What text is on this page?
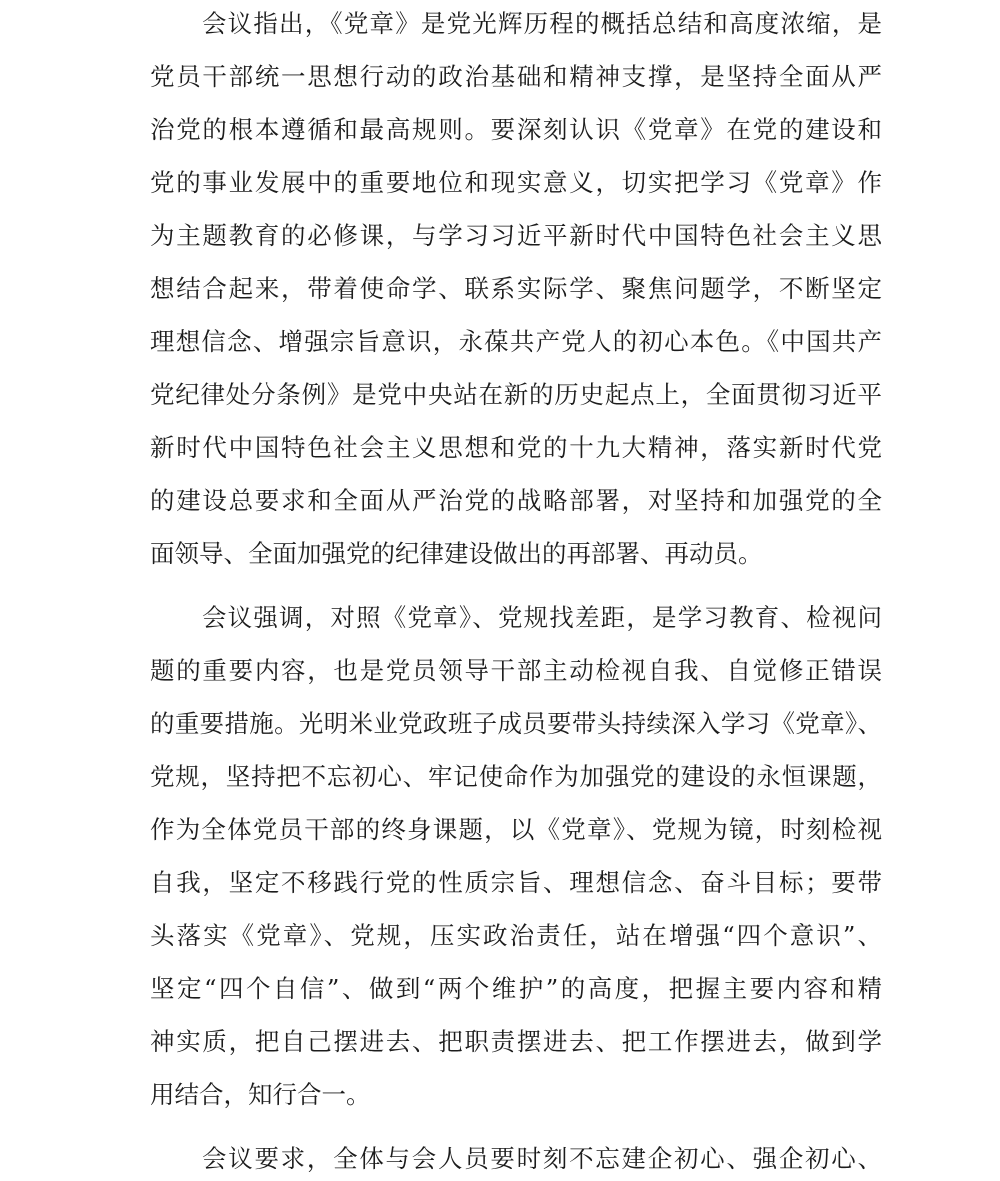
会议指出，《党章》是党光辉历程的概括总结和高度浓缩，是
党员干部统一思想行动的政治基础和精神支撑，是坚持全面从严
治党的根本遵循和最高规则。要深刻认识《党章》在党的建设和
党的事业发展中的重要地位和现实意义，切实把学习《党章》作
为主题教育的必修课，与学习习近平新时代中国特色社会主义思
想结合起来，带着使命学、联系实际学、聚焦问题学，不断坚定
理想信念、增强宗旨意识，永葆共产党人的初心本色。《中国共产
党纪律处分条例》是党中央站在新的历史起点上，全面贯彻习近平
新时代中国特色社会主义思想和党的十九大精神，落实新时代党
的建设总要求和全面从严治党的战略部署，对坚持和加强党的全
面领导、全面加强党的纪律建设做出的再部署、再动员。
会议强调，对照《党章》、党规找差距，是学习教育、检视问
题的重要内容，也是党员领导干部主动检视自我、自觉修正错误
的重要措施。光明米业党政班子成员要带头持续深入学习《党章》、
党规，坚持把不忘初心、牢记使命作为加强党的建设的永恒课题，
作为全体党员干部的终身课题，以《党章》、党规为镜，时刻检视
自我，坚定不移践行党的性质宗旨、理想信念、奋斗目标；要带
头落实《党章》、党规，压实政治责任，站在增强“四个意识”、
坚定“四个自信”、做到“两个维护”的高度，把握主要内容和精
神实质，把自己摆进去、把职责摆进去、把工作摆进去，做到学
用结合，知行合一。
会议要求，全体与会人员要时刻不忘建企初心、强企初心、
